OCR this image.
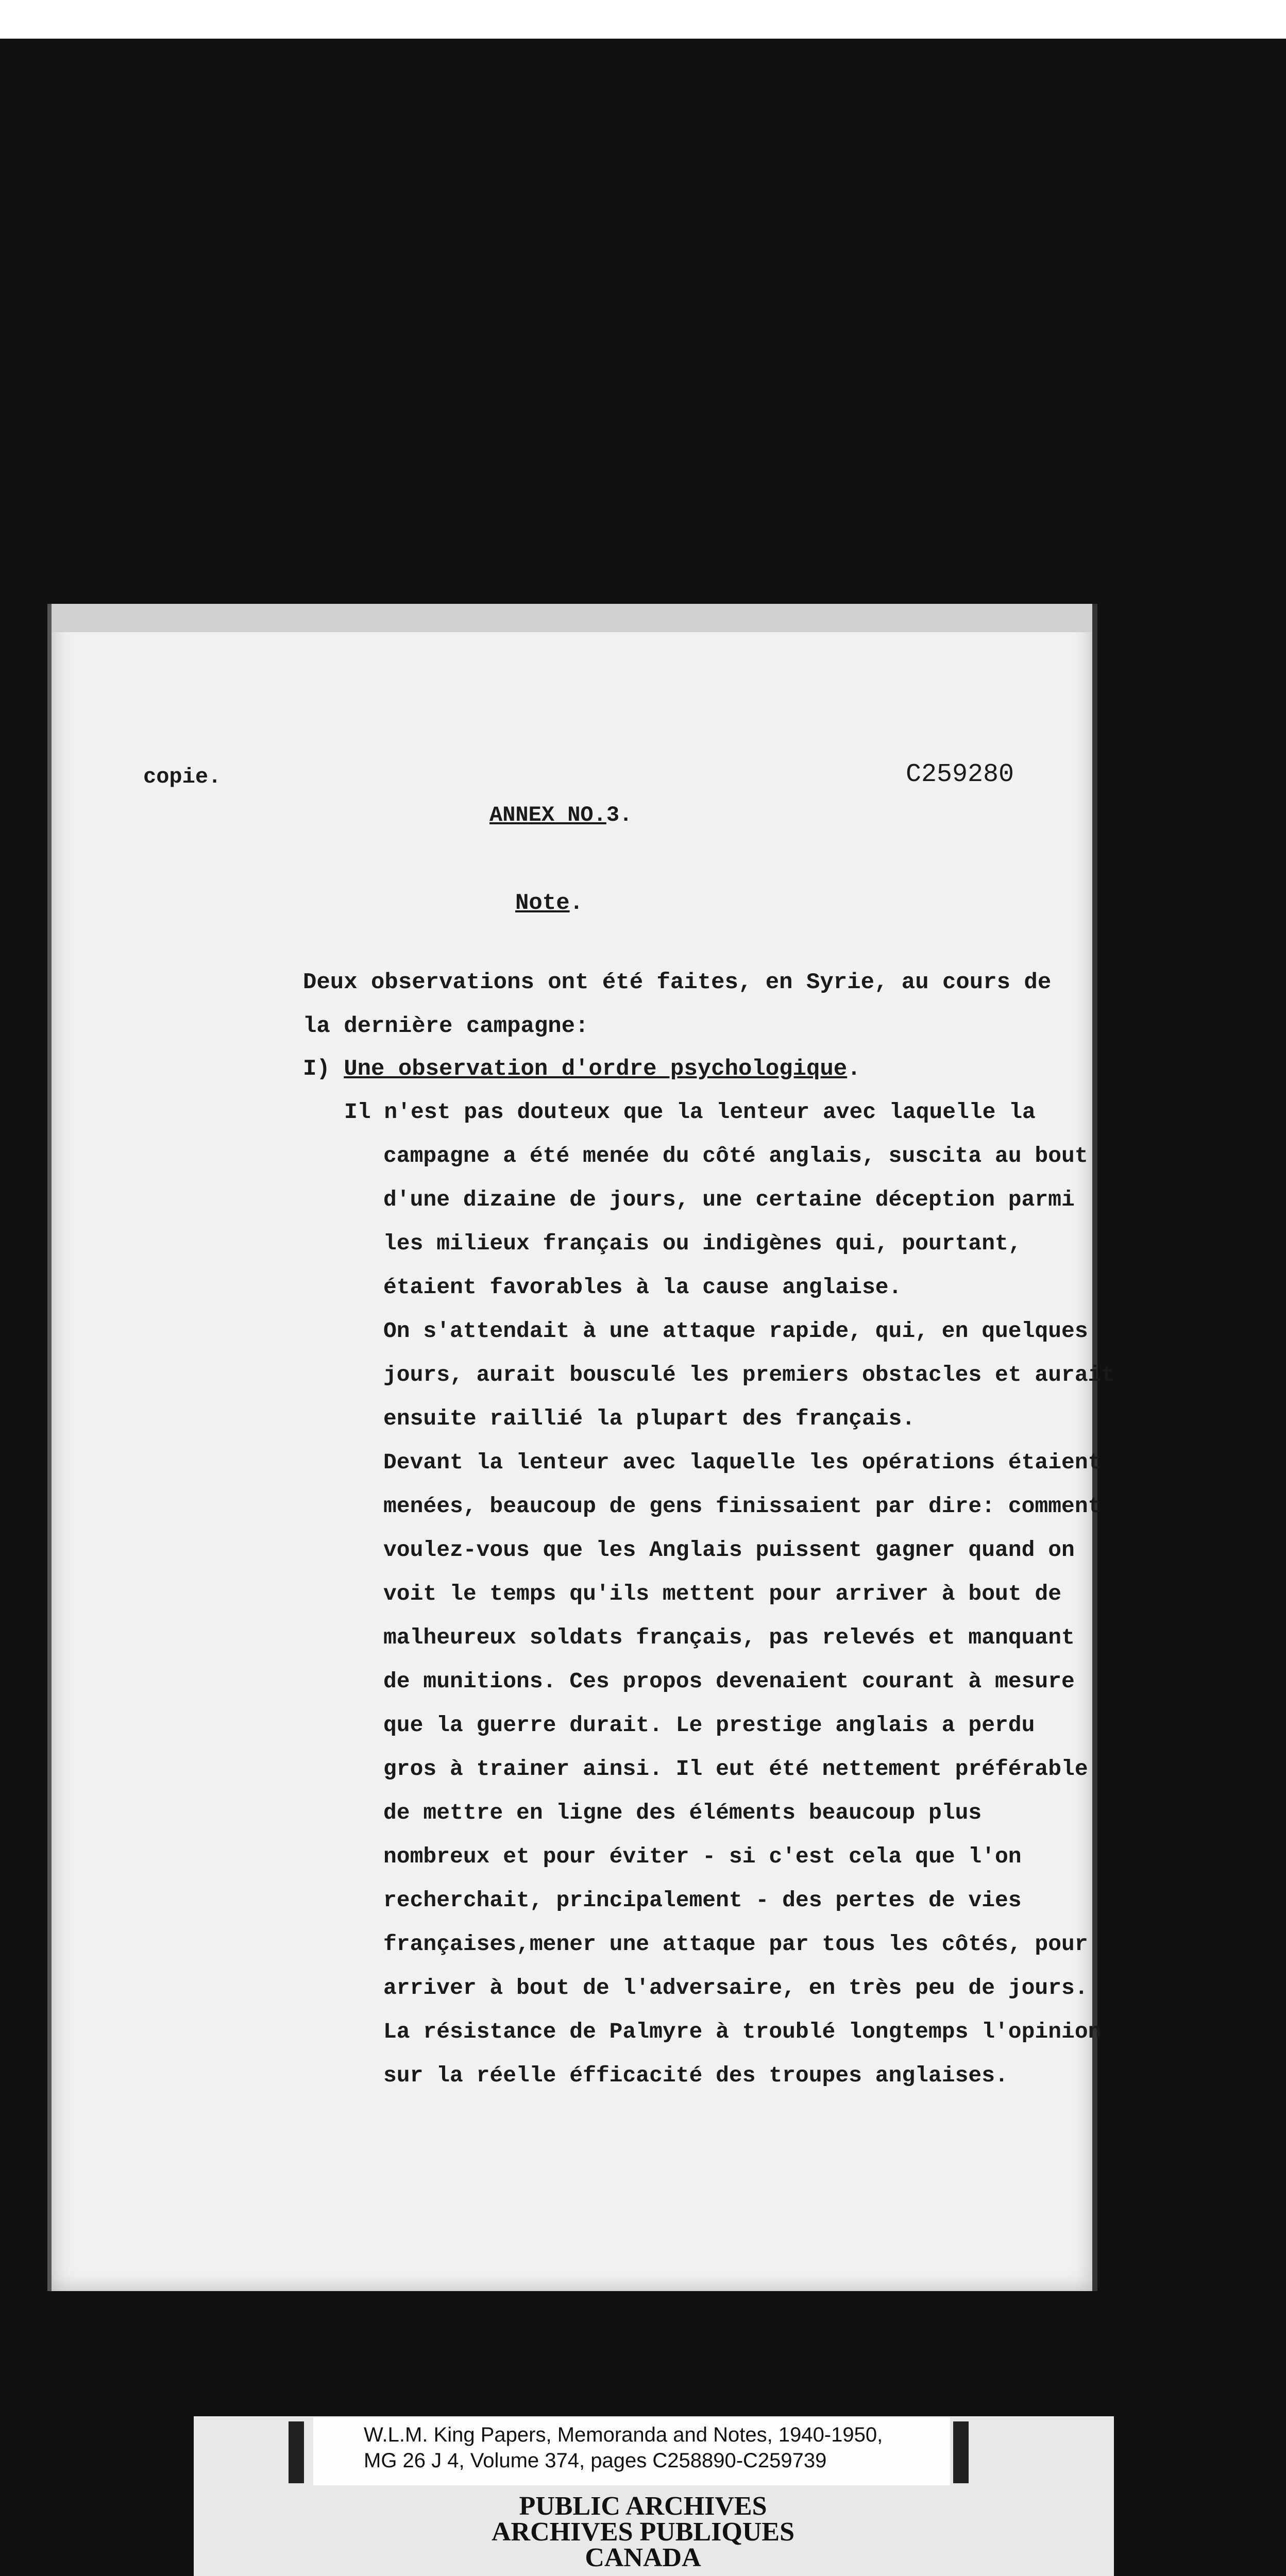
copie.	C259280
ANNEX NO.3.
Note.
Deux observations ont été faites, en Syrie, au cours de
la dernière campagne:
I) Une observation d'ordre psychologique.
Il n'est pas douteux que la lenteur avec laquelle la
campagne a été menée du côté anglais, suscita au bout
d'une dizaine de jours, une certaine déception parmi
les milieux français ou indigènes qui, pourtant,
étaient favorables à la cause anglaise.
On s'attendait à une attaque rapide, qui, en quelques
jours, aurait bousculé les premiers obstacles et aurait
ensuite raillié la plupart des français.
Devant la lenteur avec laquelle les opérations étaient
menées, beaucoup de gens finissaient par dire: comment
voulez-vous que les Anglais puissent gagner quand on
voit le temps qu'ils mettent pour arriver à bout de
malheureux soldats français, pas relevés et manquant
de munitions. Ces propos devenaient courant à mesure
que la guerre durait. Le prestige anglais a perdu
gros à trainer ainsi. Il eut été nettement préférable
de mettre en ligne des éléments beaucoup plus
nombreux et pour éviter - si c'est cela que l'on
recherchait, principalement - des pertes de vies
françaises,mener une attaque par tous les côtés, pour
arriver à bout de l'adversaire, en très peu de jours.
La résistance de Palmyre à troublé longtemps l'opinion
sur la réelle éfficacité des troupes anglaises.
W.L.M. King Papers, Memoranda and Notes, 1940-1950,
MG 26 J 4, Volume 374, pages C258890-C259739
PUBLIC ARCHIVES
ARCHIVES PUBLIQUES
CANADA
